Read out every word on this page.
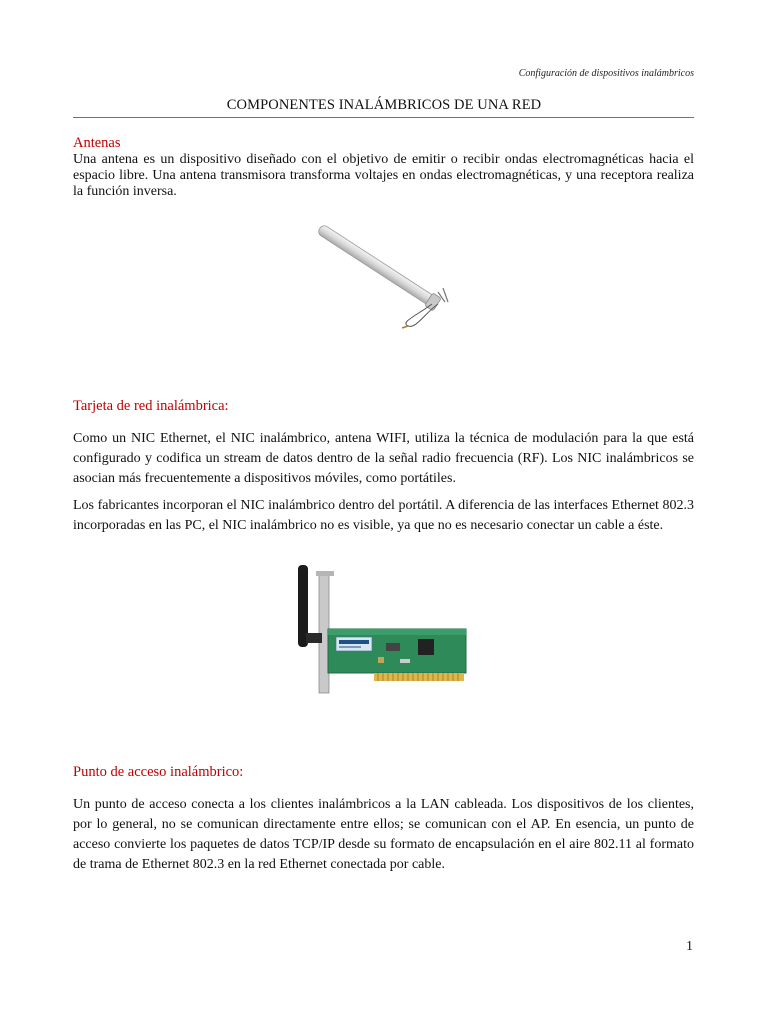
Configuración de dispositivos inalámbricos
COMPONENTES INALÁMBRICOS DE UNA RED
Antenas
Una antena es un dispositivo diseñado con el objetivo de emitir o recibir ondas electromagnéticas hacia el espacio libre. Una antena transmisora transforma voltajes en ondas electromagnéticas, y una receptora realiza la función inversa.
Tarjeta de red inalámbrica:
Como un NIC Ethernet, el NIC inalámbrico, antena WIFI, utiliza la técnica de modulación para la que está configurado y codifica un stream de datos dentro de la señal radio frecuencia (RF). Los NIC inalámbricos se asocian más frecuentemente a dispositivos móviles, como portátiles.
Los fabricantes incorporan el NIC inalámbrico dentro del portátil. A diferencia de las interfaces Ethernet 802.3 incorporadas en las PC, el NIC inalámbrico no es visible, ya que no es necesario conectar un cable a éste.
Punto de acceso inalámbrico:
Un punto de acceso conecta a los clientes inalámbricos a la LAN cableada. Los dispositivos de los clientes, por lo general, no se comunican directamente entre ellos; se comunican con el AP. En esencia, un punto de acceso convierte los paquetes de datos TCP/IP desde su formato de encapsulación en el aire 802.11 al formato de trama de Ethernet 802.3 en la red Ethernet conectada por cable.
1
